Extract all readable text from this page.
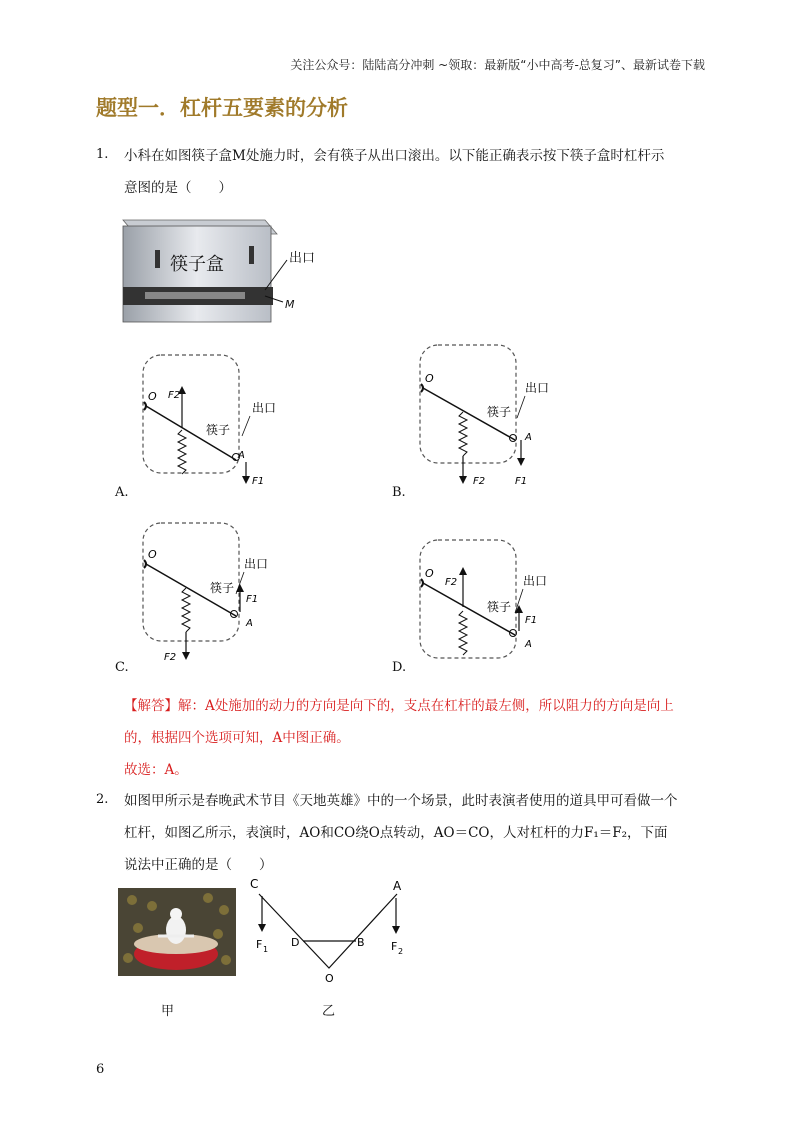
关注公众号：陆陆高分冲刺 ~领取：最新版“小中高考-总复习”、最新试卷下载
题型一．杠杆五要素的分析
1. 小科在如图筷子盒M处施力时，会有筷子从出口滚出。以下能正确表示按下筷子盒时杠杆示
意图的是（　　）
筷子盒	出口
M
O F2
F1
A
筷子
出口
A.
O
F2	F1
A
筷子
出口
B.
O
F2
F1
A
筷子
出口
C.
O
F2
F1
A
筷子
出口
D.
【解答】解：A处施加的动力的方向是向下的，支点在杠杆的最左侧，所以阻力的方向是向上
的，根据四个选项可知，A中图正确。
故选：A。
2. 如图甲所示是春晚武术节目《天地英雄》中的一个场景，此时表演者使用的道具甲可看做一个
杠杆，如图乙所示，表演时，AO和CO绕O点转动，AO＝CO，人对杠杆的力F₁＝F₂，下面
说法中正确的是（　　）
甲
C	A
D	B
O
F 1	F 2
乙
6
